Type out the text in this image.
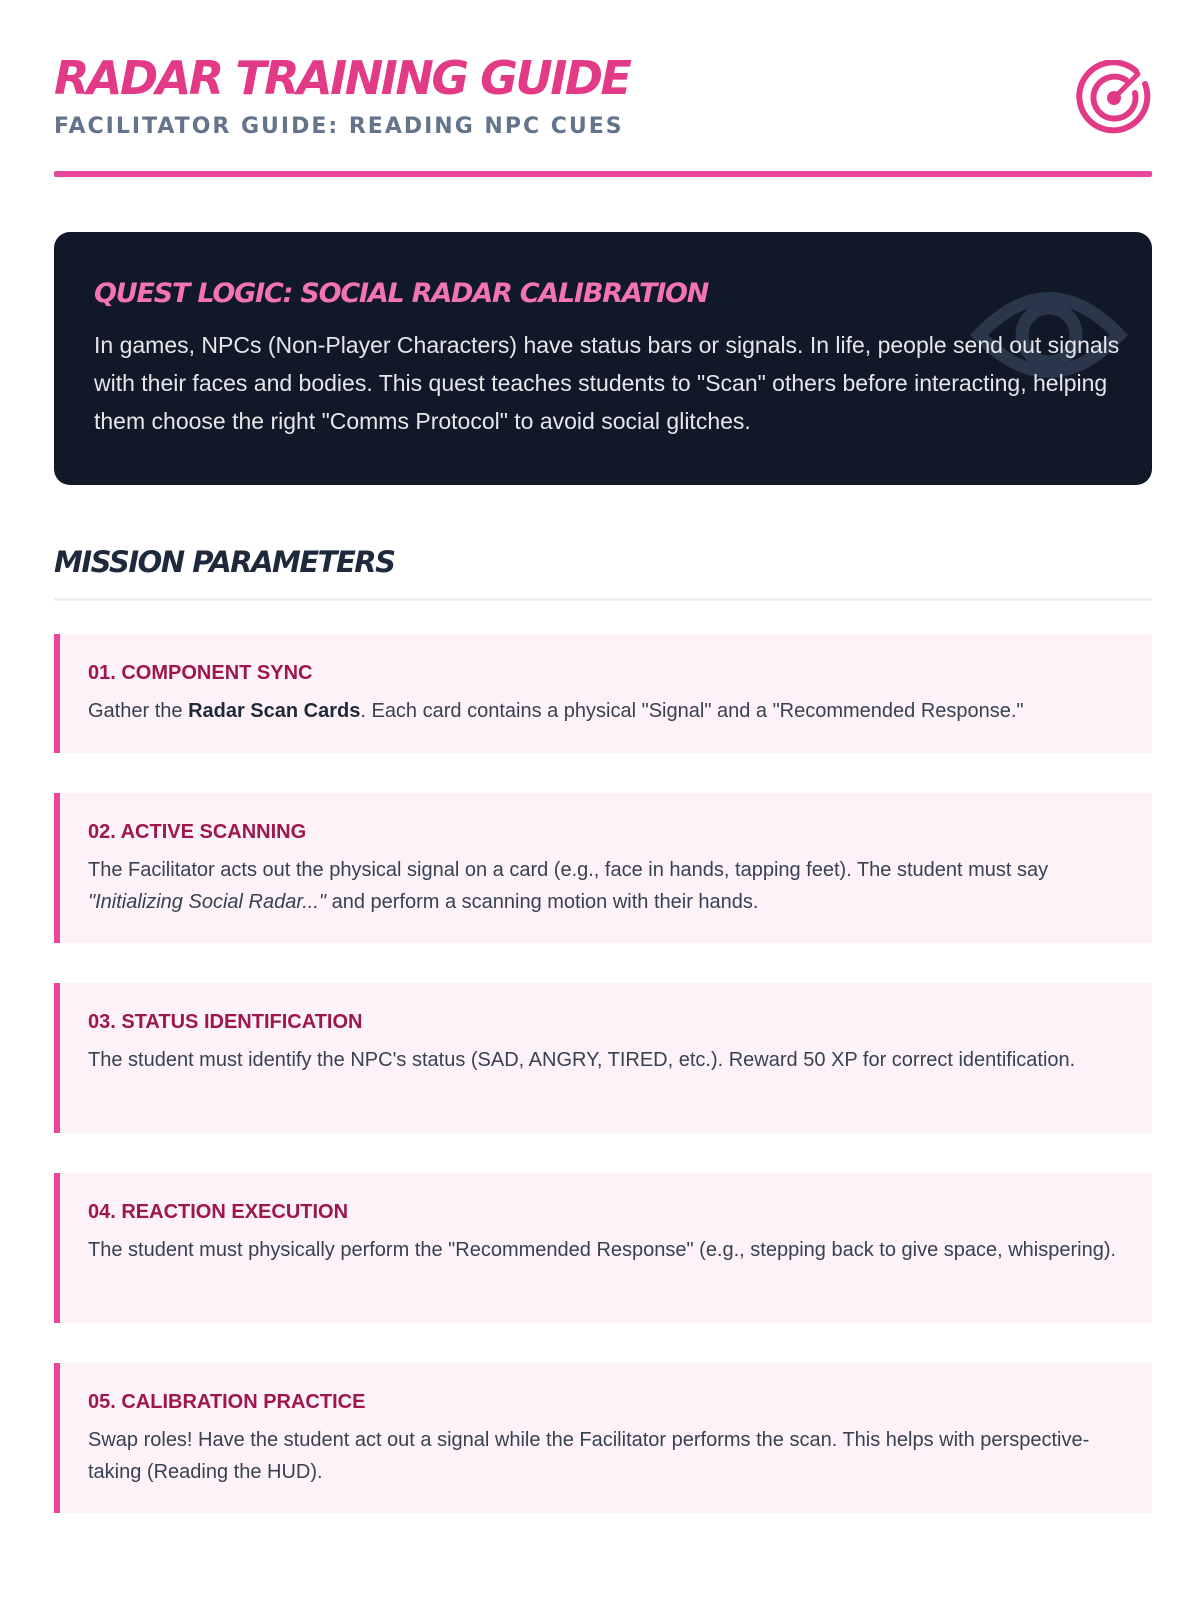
RADAR TRAINING GUIDE
FACILITATOR GUIDE: READING NPC CUES
QUEST LOGIC: SOCIAL RADAR CALIBRATION

In games, NPCs (Non-Player Characters) have status bars or signals. In life, people send out signals with their faces and bodies. This quest teaches students to "Scan" others before interacting, helping them choose the right "Comms Protocol" to avoid social glitches.

MISSION PARAMETERS
01. COMPONENT SYNC

Gather the Radar Scan Cards. Each card contains a physical "Signal" and a "Recommended Response."

02. ACTIVE SCANNING

The Facilitator acts out the physical signal on a card (e.g., face in hands, tapping feet). The student must say "Initializing Social Radar..." and perform a scanning motion with their hands.

03. STATUS IDENTIFICATION

The student must identify the NPC's status (SAD, ANGRY, TIRED, etc.). Reward 50 XP for correct identification.

04. REACTION EXECUTION

The student must physically perform the "Recommended Response" (e.g., stepping back to give space, whispering).

05. CALIBRATION PRACTICE

Swap roles! Have the student act out a signal while the Facilitator performs the scan. This helps with perspective-taking (Reading the HUD).
